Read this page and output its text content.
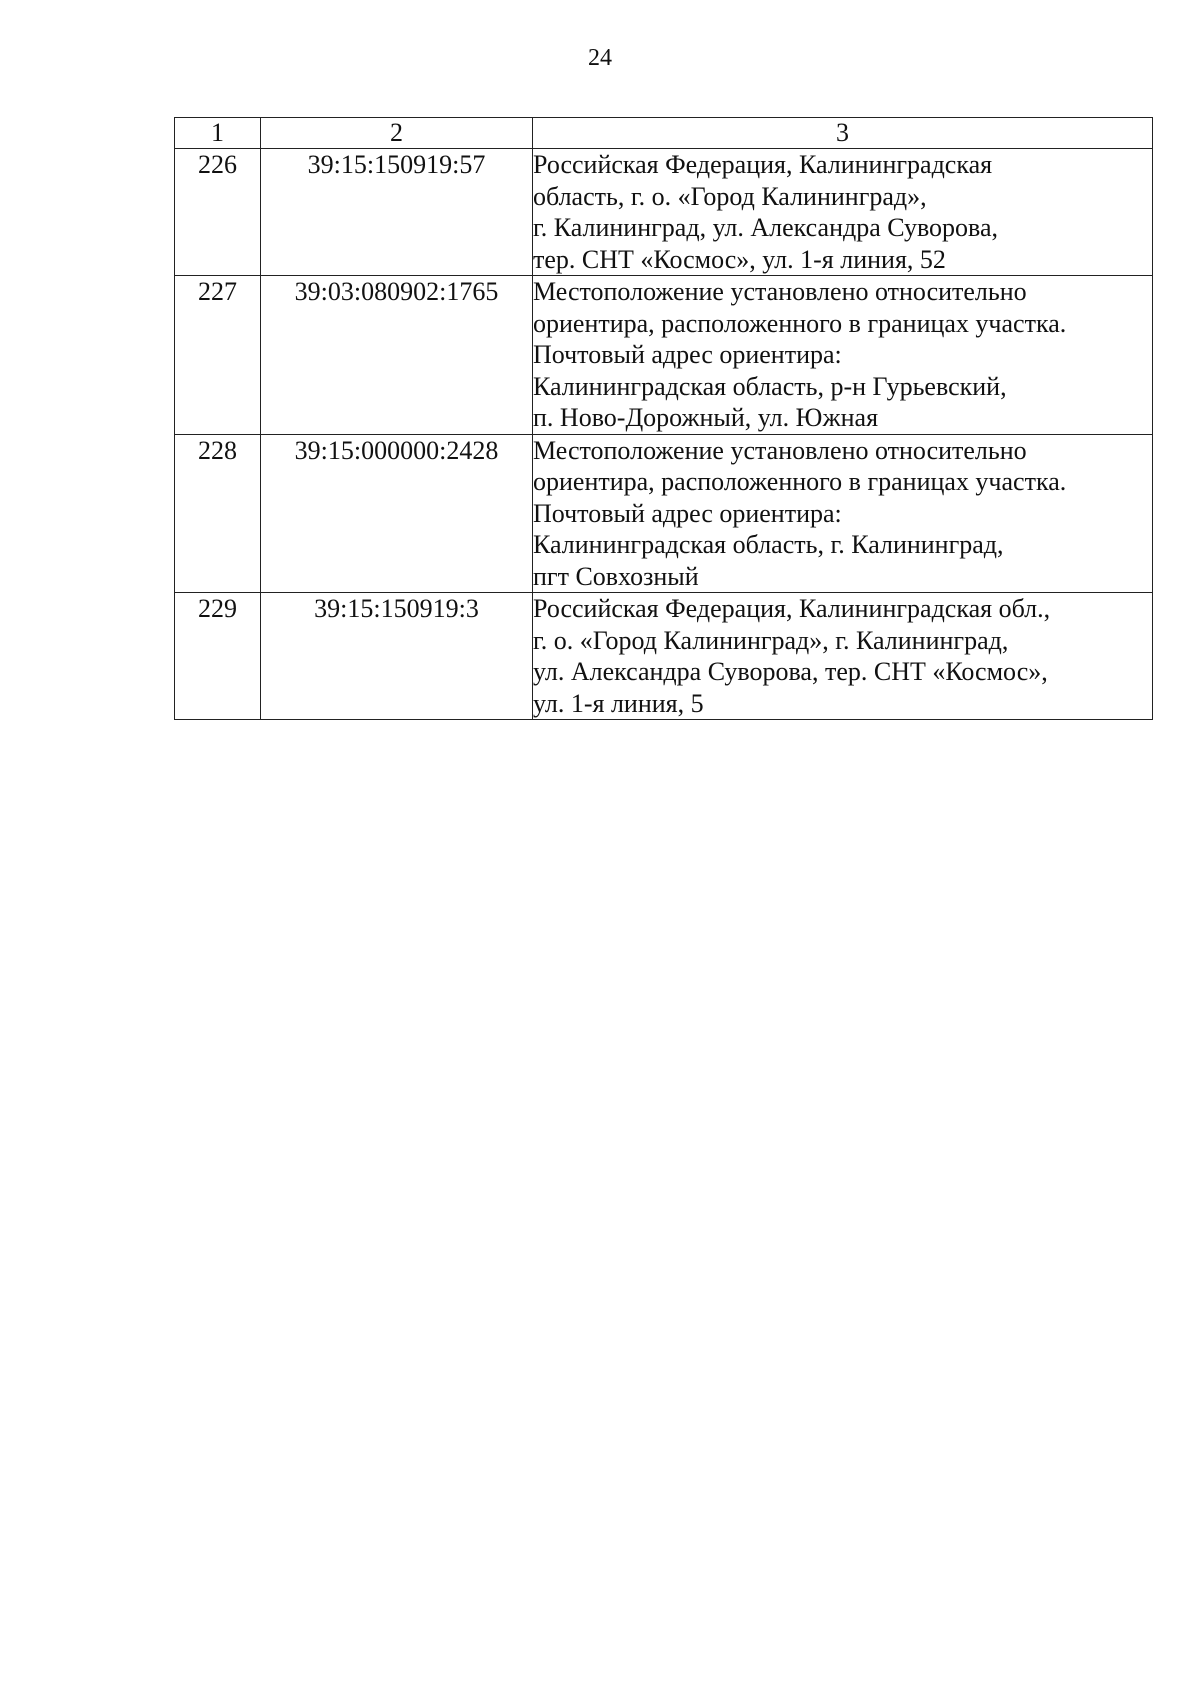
24
1	2	3
226	39:15:150919:57	Российская Федерация, Калининградская
область, г. о. «Город Калининград»,
г. Калининград, ул. Александра Суворова,
тер. СНТ «Космос», ул. 1-я линия, 52

227	39:03:080902:1765	Местоположение установлено относительно
ориентира, расположенного в границах участка.
Почтовый адрес ориентира:
Калининградская область, р-н Гурьевский,
п. Ново-Дорожный, ул. Южная

228	39:15:000000:2428	Местоположение установлено относительно
ориентира, расположенного в границах участка.
Почтовый адрес ориентира:
Калининградская область, г. Калининград,
пгт Совхозный

229	39:15:150919:3	Российская Федерация, Калининградская обл.,
г. о. «Город Калининград», г. Калининград,
ул. Александра Суворова, тер. СНТ «Космос»,
ул. 1-я линия, 5
